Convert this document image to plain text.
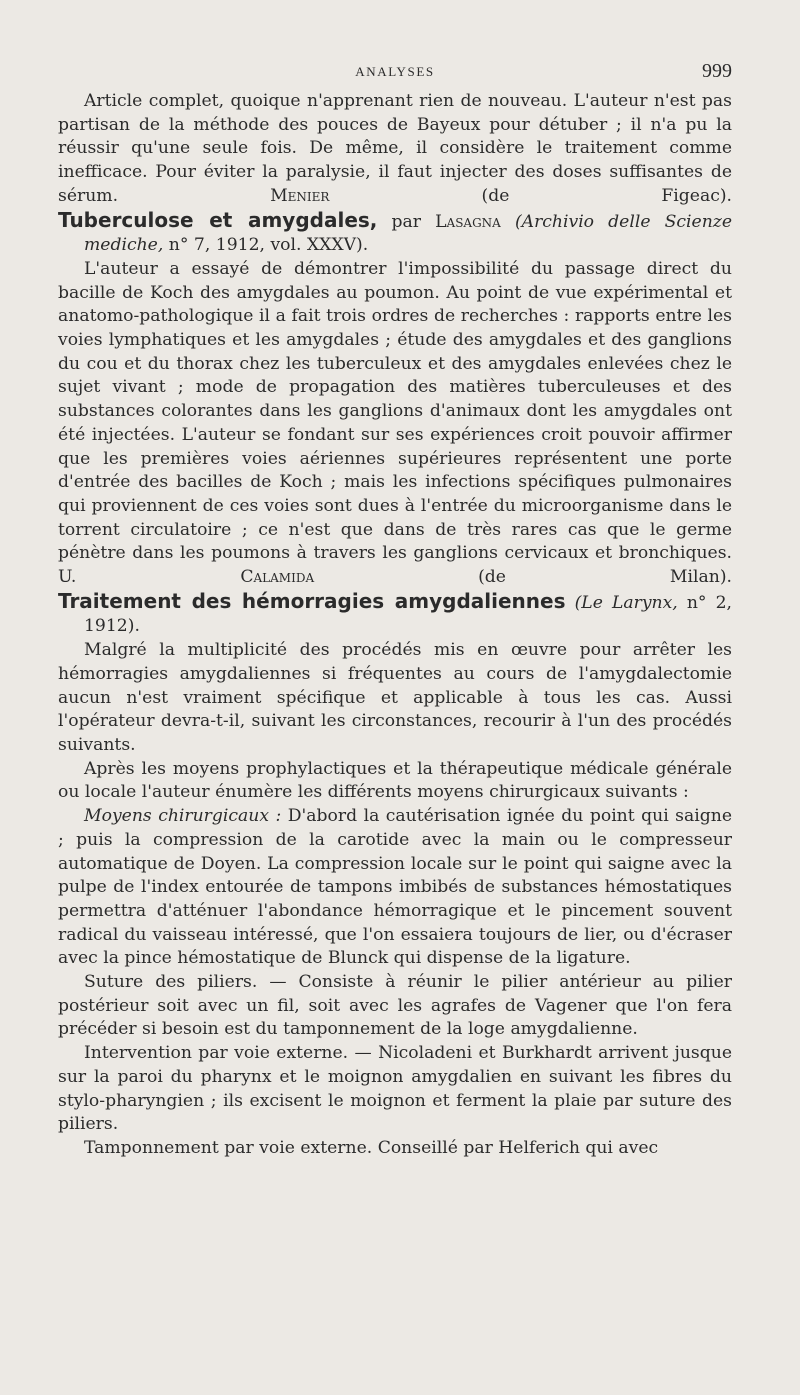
ANALYSES	999

Article complet, quoique n'apprenant rien de nouveau. L'auteur n'est pas partisan de la méthode des pouces de Bayeux pour détuber ; il n'a pu la réussir qu'une seule fois. De même, il considère le traitement comme inefficace. Pour éviter la paralysie, il faut injecter des doses suffisantes de sérum.	Menier	(de Figeac).

Tuberculose et amygdales, par Lasagna (Archivio delle Scienze mediche, n° 7, 1912, vol. XXXV).

L'auteur a essayé de démontrer l'impossibilité du passage direct du bacille de Koch des amygdales au poumon. Au point de vue expérimental et anatomo-pathologique il a fait trois ordres de recherches : rapports entre les voies lymphatiques et les amygdales ; étude des amygdales et des ganglions du cou et du thorax chez les tuberculeux et des amygdales enlevées chez le sujet vivant ; mode de propagation des matières tuberculeuses et des substances colorantes dans les ganglions d'animaux dont les amygdales ont été injectées. L'auteur se fondant sur ses expériences croit pouvoir affirmer que les premières voies aériennes supérieures représentent une porte d'entrée des bacilles de Koch ; mais les infections spécifiques pulmonaires qui proviennent de ces voies sont dues à l'entrée du microorganisme dans le torrent circulatoire ; ce n'est que dans de très rares cas que le germe pénètre dans les poumons à travers les ganglions cervicaux et bronchiques. U.	Calamida	(de Milan).

Traitement des hémorragies amygdaliennes (Le Larynx, n° 2, 1912).

Malgré la multiplicité des procédés mis en œuvre pour arrêter les hémorragies amygdaliennes si fréquentes au cours de l'amygdalectomie aucun n'est vraiment spécifique et applicable à tous les cas. Aussi l'opérateur devra-t-il, suivant les circonstances, recourir à l'un des procédés suivants.

Après les moyens prophylactiques et la thérapeutique médicale générale ou locale l'auteur énumère les différents moyens chirurgicaux suivants :

Moyens chirurgicaux : D'abord la cautérisation ignée du point qui saigne ; puis la compression de la carotide avec la main ou le compresseur automatique de Doyen. La compression locale sur le point qui saigne avec la pulpe de l'index entourée de tampons imbibés de substances hémostatiques permettra d'atténuer l'abondance hémorragique et le pincement souvent radical du vaisseau intéressé, que l'on essaiera toujours de lier, ou d'écraser avec la pince hémostatique de Blunck qui dispense de la ligature.

Suture des piliers. — Consiste à réunir le pilier antérieur au pilier postérieur soit avec un fil, soit avec les agrafes de Vagener que l'on fera précéder si besoin est du tamponnement de la loge amygdalienne.

Intervention par voie externe. — Nicoladeni et Burkhardt arrivent jusque sur la paroi du pharynx et le moignon amygdalien en suivant les fibres du stylo-pharyngien ; ils excisent le moignon et ferment la plaie par suture des piliers.

Tamponnement par voie externe. Conseillé par Helferich qui avec
